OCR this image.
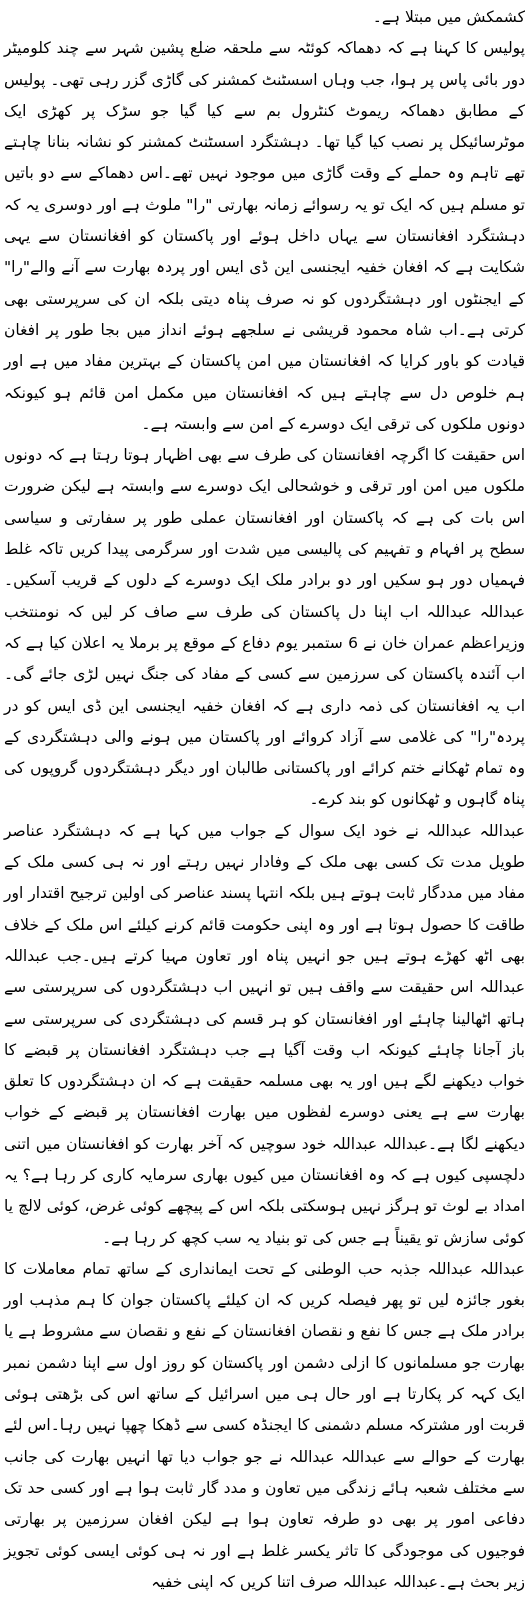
کشمکش میں مبتلا ہے۔

پولیس کا کہنا ہے کہ دھماکہ کوئٹہ سے ملحقہ ضلع پشین شہر سے چند کلومیٹر دور بائی پاس پر ہوا، جب وہاں اسسٹنٹ کمشنر کی گاڑی گزر رہی تھی۔ پولیس کے مطابق دھماکہ ریموٹ کنٹرول بم سے کیا گیا جو سڑک پر کھڑی ایک موٹرسائیکل پر نصب کیا گیا تھا۔ دہشتگرد اسسٹنٹ کمشنر کو نشانہ بنانا چاہتے تھے تاہم وہ حملے کے وقت گاڑی میں موجود نہیں تھے۔اس دھماکے سے دو باتیں تو مسلم ہیں کہ ایک تو یہ رسوائے زمانہ بھارتی "را" ملوث ہے اور دوسری یہ کہ دہشتگرد افغانستان سے یہاں داخل ہوئے اور پاکستان کو افغانستان سے یہی شکایت ہے کہ افغان خفیہ ایجنسی این ڈی ایس اور پردہ بھارت سے آنے والے"را" کے ایجنٹوں اور دہشتگردوں کو نہ صرف پناہ دیتی بلکہ ان کی سرپرستی بھی کرتی ہے۔اب شاہ محمود قریشی نے سلجھے ہوئے انداز میں بجا طور پر افغان قیادت کو باور کرایا کہ افغانستان میں امن پاکستان کے بہترین مفاد میں ہے اور ہم خلوص دل سے چاہتے ہیں کہ افغانستان میں مکمل امن قائم ہو کیونکہ دونوں ملکوں کی ترقی ایک دوسرے کے امن سے وابستہ ہے۔

اس حقیقت کا اگرچہ افغانستان کی طرف سے بھی اظہار ہوتا رہتا ہے کہ دونوں ملکوں میں امن اور ترقی و خوشحالی ایک دوسرے سے وابستہ ہے لیکن ضرورت اس بات کی ہے کہ پاکستان اور افغانستان عملی طور پر سفارتی و سیاسی سطح پر افہام و تفہیم کی پالیسی میں شدت اور سرگرمی پیدا کریں تاکہ غلط فہمیاں دور ہو سکیں اور دو برادر ملک ایک دوسرے کے دلوں کے قریب آسکیں۔عبداللہ عبداللہ اب اپنا دل پاکستان کی طرف سے صاف کر لیں کہ نومنتخب وزیراعظم عمران خان نے 6 ستمبر یوم دفاع کے موقع پر برملا یہ اعلان کیا ہے کہ اب آئندہ پاکستان کی سرزمین سے کسی کے مفاد کی جنگ نہیں لڑی جائے گی۔اب یہ افغانستان کی ذمہ داری ہے کہ افغان خفیہ ایجنسی این ڈی ایس کو در پردہ"را" کی غلامی سے آزاد کروائے اور پاکستان میں ہونے والی دہشتگردی کے وہ تمام ٹھکانے ختم کرائے اور پاکستانی طالبان اور دیگر دہشتگردوں گروپوں کی پناہ گاہوں و ٹھکانوں کو بند کرے۔

عبداللہ عبداللہ نے خود ایک سوال کے جواب میں کہا ہے کہ دہشتگرد عناصر طویل مدت تک کسی بھی ملک کے وفادار نہیں رہتے اور نہ ہی کسی ملک کے مفاد میں مددگار ثابت ہوتے ہیں بلکہ انتہا پسند عناصر کی اولین ترجیح اقتدار اور طاقت کا حصول ہوتا ہے اور وہ اپنی حکومت قائم کرنے کیلئے اس ملک کے خلاف بھی اٹھ کھڑے ہوتے ہیں جو انہیں پناہ اور تعاون مہیا کرتے ہیں۔جب عبداللہ عبداللہ اس حقیقت سے واقف ہیں تو انہیں اب دہشتگردوں کی سرپرستی سے ہاتھ اٹھالینا چاہئے اور افغانستان کو ہر قسم کی دہشتگردی کی سرپرستی سے باز آجانا چاہئے کیونکہ اب وقت آگیا ہے جب دہشتگرد افغانستان پر قبضے کا خواب دیکھنے لگے ہیں اور یہ بھی مسلمہ حقیقت ہے کہ ان دہشتگردوں کا تعلق بھارت سے ہے یعنی دوسرے لفظوں میں بھارت افغانستان پر قبضے کے خواب دیکھنے لگا ہے۔عبداللہ عبداللہ خود سوچیں کہ آخر بھارت کو افغانستان میں اتنی دلچسپی کیوں ہے کہ وہ افغانستان میں کیوں بھاری سرمایہ کاری کر رہا ہے؟ یہ امداد بے لوث تو ہرگز نہیں ہوسکتی بلکہ اس کے پیچھے کوئی غرض، کوئی لالچ یا کوئی سازش تو یقیناً ہے جس کی تو بنیاد یہ سب کچھ کر رہا ہے۔

عبداللہ عبداللہ جذبہ حب الوطنی کے تحت ایمانداری کے ساتھ تمام معاملات کا بغور جائزہ لیں تو پھر فیصلہ کریں کہ ان کیلئے پاکستان جوان کا ہم مذہب اور برادر ملک ہے جس کا نفع و نقصان افغانستان کے نفع و نقصان سے مشروط ہے یا بھارت جو مسلمانوں کا ازلی دشمن اور پاکستان کو روز اول سے اپنا دشمن نمبر ایک کہہ کر پکارتا ہے اور حال ہی میں اسرائیل کے ساتھ اس کی بڑھتی ہوئی قربت اور مشترکہ مسلم دشمنی کا ایجنڈہ کسی سے ڈھکا چھپا نہیں رہا۔اس لئے بھارت کے حوالے سے عبداللہ عبداللہ نے جو جواب دیا تھا انہیں بھارت کی جانب سے مختلف شعبہ ہائے زندگی میں تعاون و مدد گار ثابت ہوا ہے اور کسی حد تک دفاعی امور پر بھی دو طرفہ تعاون ہوا ہے لیکن افغان سرزمین پر بھارتی فوجیوں کی موجودگی کا تاثر یکسر غلط ہے اور نہ ہی کوئی ایسی کوئی تجویز زیر بحث ہے۔عبداللہ عبداللہ صرف اتنا کریں کہ اپنی خفیہ
